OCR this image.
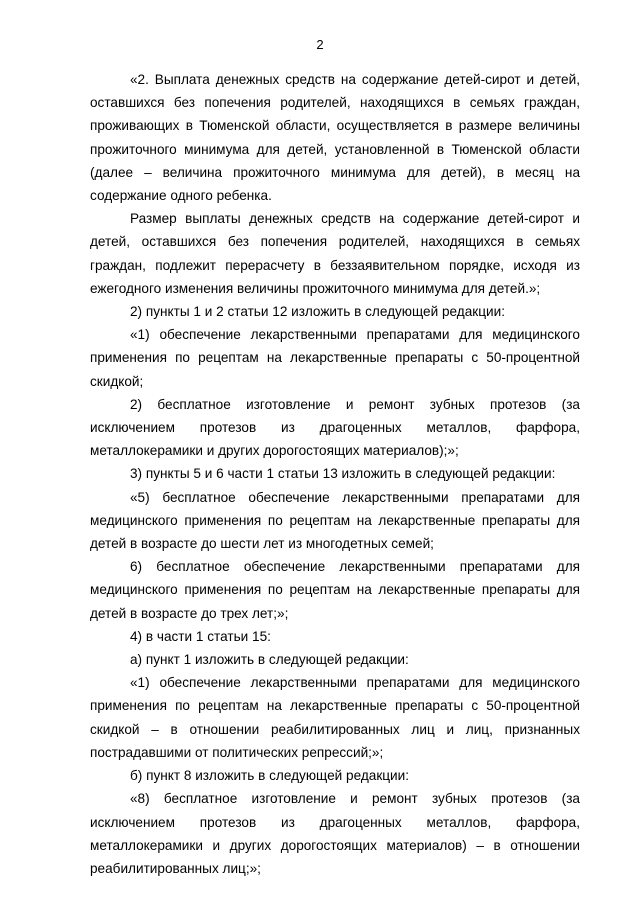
2

«2. Выплата денежных средств на содержание детей-сирот и детей, оставшихся без попечения родителей, находящихся в семьях граждан, проживающих в Тюменской области, осуществляется в размере величины прожиточного минимума для детей, установленной в Тюменской области (далее – величина прожиточного минимума для детей), в месяц на содержание одного ребенка.

Размер выплаты денежных средств на содержание детей-сирот и детей, оставшихся без попечения родителей, находящихся в семьях граждан, подлежит перерасчету в беззаявительном порядке, исходя из ежегодного изменения величины прожиточного минимума для детей.»;

2) пункты 1 и 2 статьи 12 изложить в следующей редакции:

«1) обеспечение лекарственными препаратами для медицинского применения по рецептам на лекарственные препараты с 50-процентной скидкой;

2) бесплатное изготовление и ремонт зубных протезов (за исключением протезов из драгоценных металлов, фарфора, металлокерамики и других дорогостоящих материалов);»;

3) пункты 5 и 6 части 1 статьи 13 изложить в следующей редакции:

«5) бесплатное обеспечение лекарственными препаратами для медицинского применения по рецептам на лекарственные препараты для детей в возрасте до шести лет из многодетных семей;

6) бесплатное обеспечение лекарственными препаратами для медицинского применения по рецептам на лекарственные препараты для детей в возрасте до трех лет;»;

4) в части 1 статьи 15:

а) пункт 1 изложить в следующей редакции:

«1) обеспечение лекарственными препаратами для медицинского применения по рецептам на лекарственные препараты с 50-процентной скидкой – в отношении реабилитированных лиц и лиц, признанных пострадавшими от политических репрессий;»;

б) пункт 8 изложить в следующей редакции:

«8) бесплатное изготовление и ремонт зубных протезов (за исключением протезов из драгоценных металлов, фарфора, металлокерамики и других дорогостоящих материалов) – в отношении реабилитированных лиц;»;
